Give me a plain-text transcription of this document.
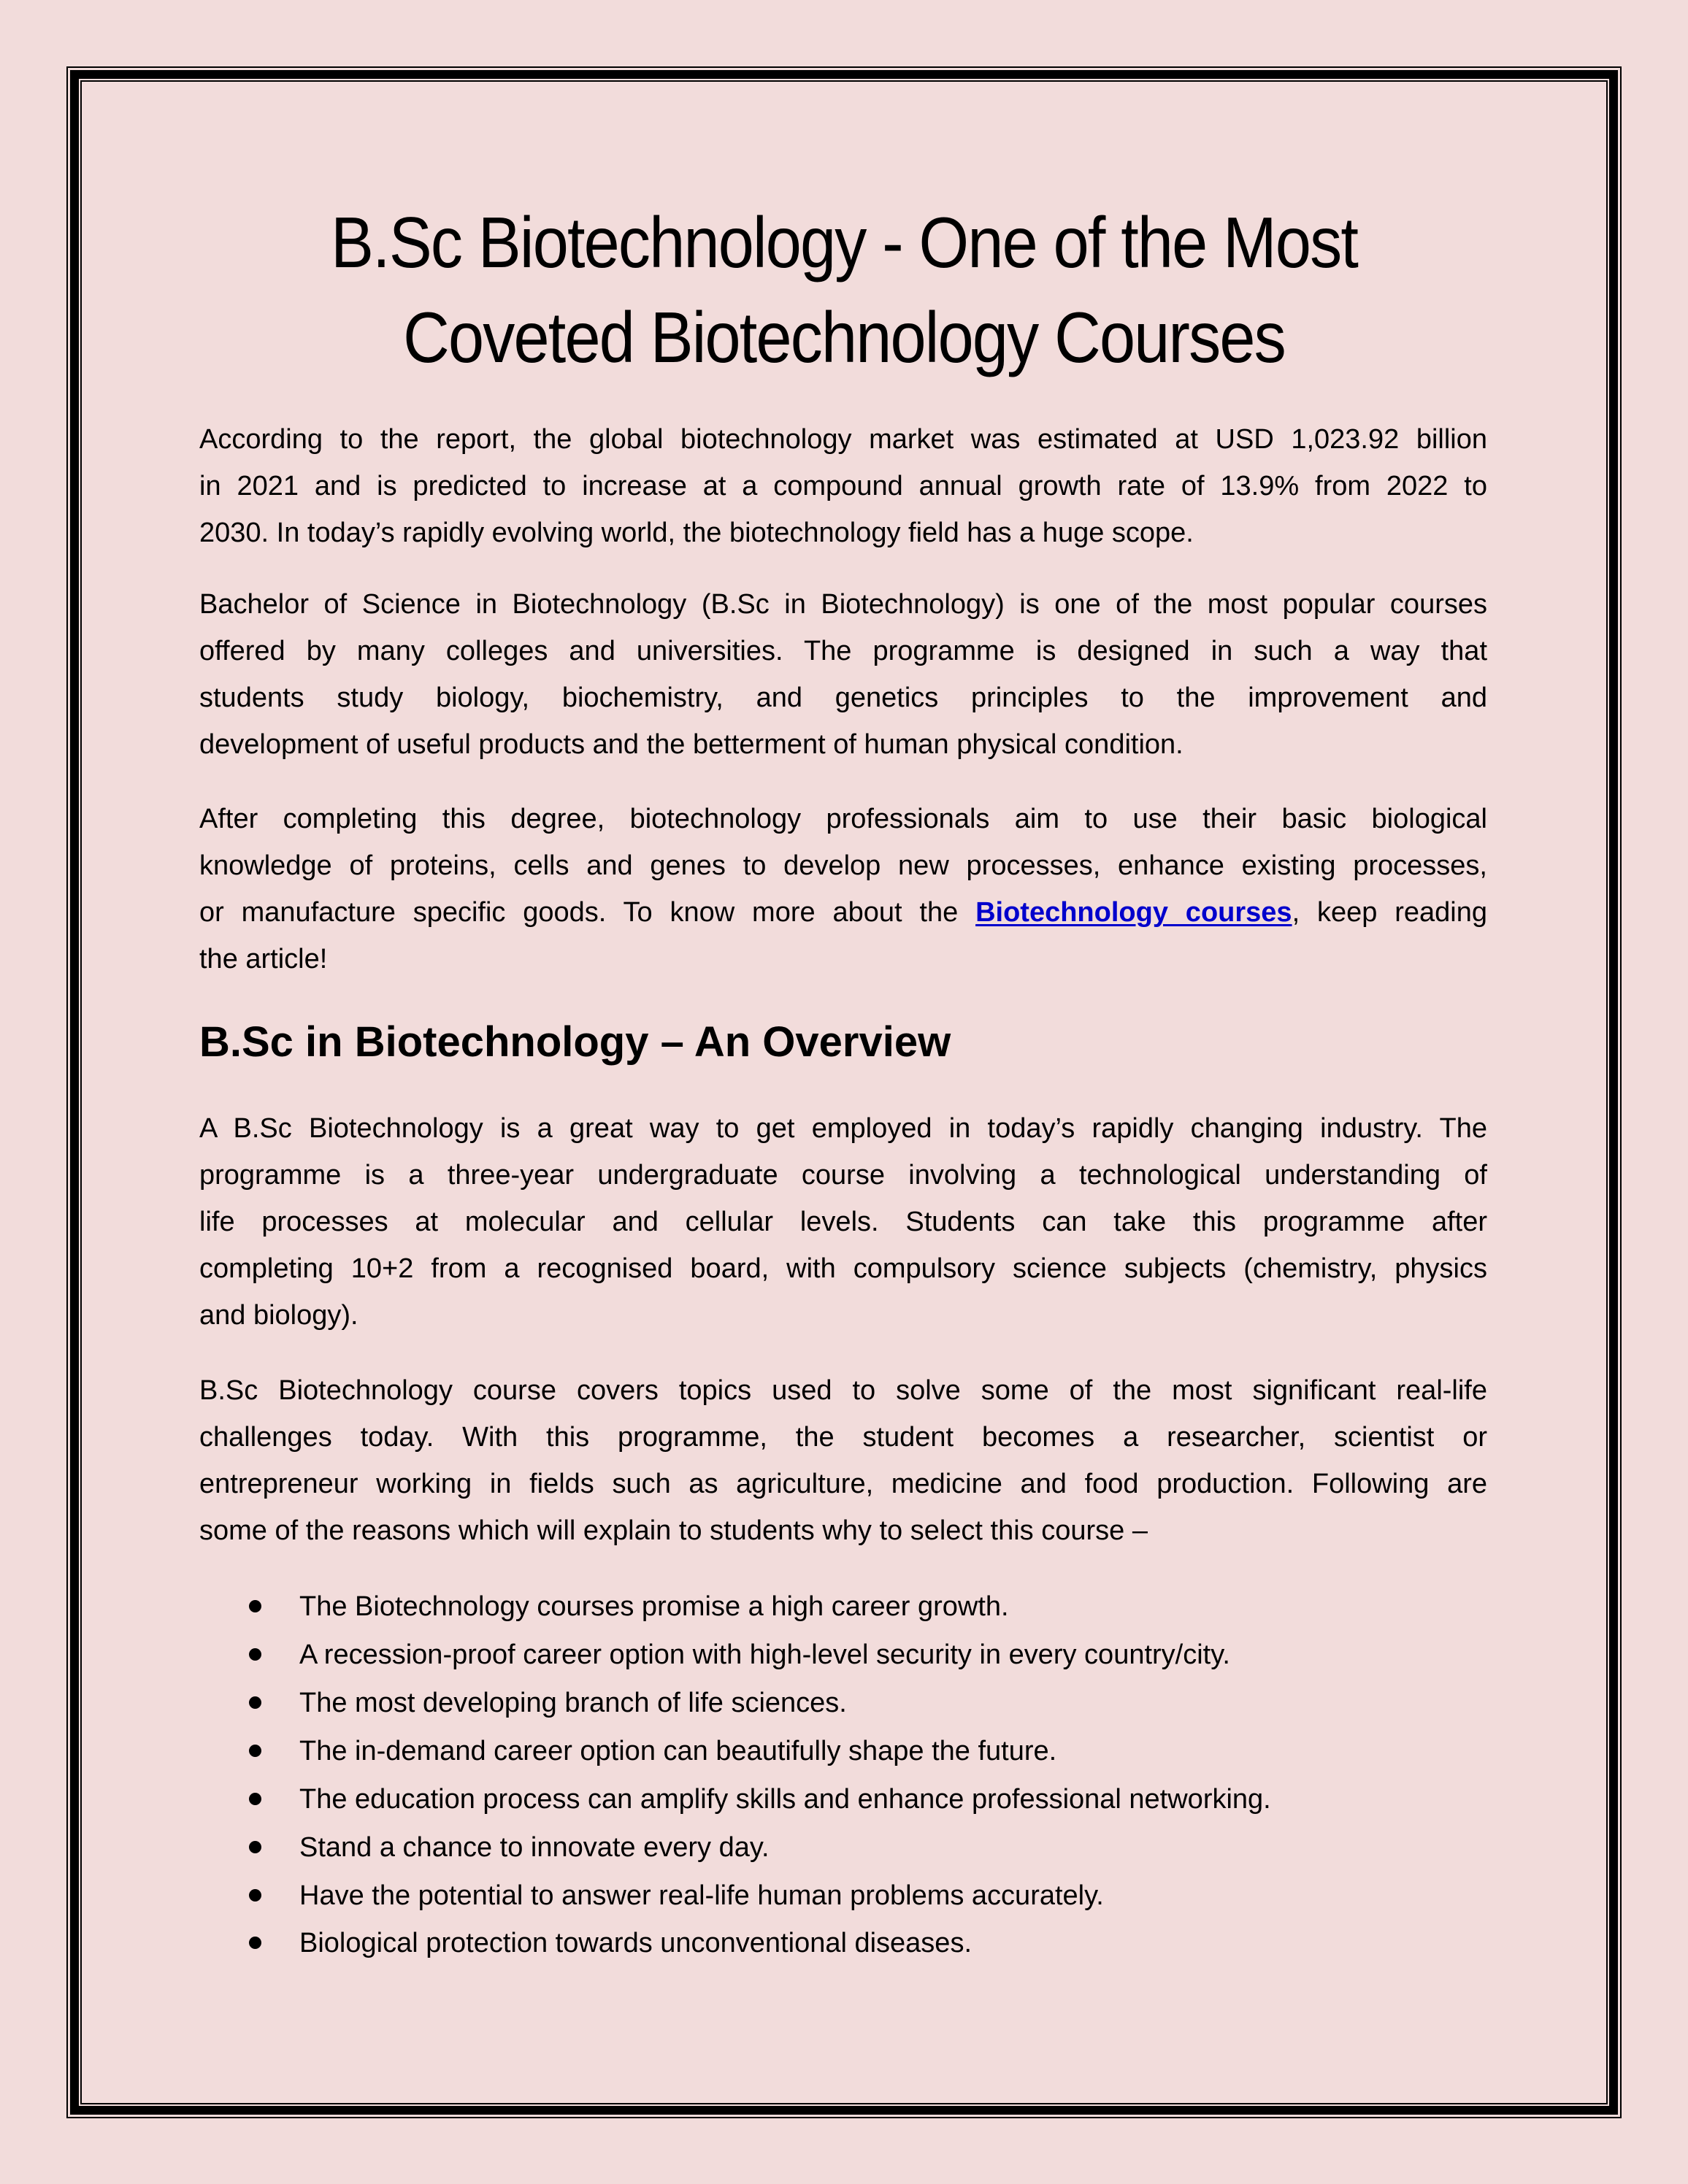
B.Sc Biotechnology - One of the Most
Coveted Biotechnology Courses
According to the report, the global biotechnology market was estimated at USD 1,023.92 billion
in 2021 and is predicted to increase at a compound annual growth rate of 13.9% from 2022 to
2030. In today’s rapidly evolving world, the biotechnology field has a huge scope.
Bachelor of Science in Biotechnology (B.Sc in Biotechnology) is one of the most popular courses
offered by many colleges and universities. The programme is designed in such a way that
students study biology, biochemistry, and genetics principles to the improvement and
development of useful products and the betterment of human physical condition.
After completing this degree, biotechnology professionals aim to use their basic biological
knowledge of proteins, cells and genes to develop new processes, enhance existing processes,
or manufacture specific goods. To know more about the Biotechnology courses, keep reading
the article!
B.Sc in Biotechnology – An Overview
A B.Sc Biotechnology is a great way to get employed in today’s rapidly changing industry. The
programme is a three-year undergraduate course involving a technological understanding of
life processes at molecular and cellular levels. Students can take this programme after
completing 10+2 from a recognised board, with compulsory science subjects (chemistry, physics
and biology).
B.Sc Biotechnology course covers topics used to solve some of the most significant real-life
challenges today. With this programme, the student becomes a researcher, scientist or
entrepreneur working in fields such as agriculture, medicine and food production. Following are
some of the reasons which will explain to students why to select this course –
The Biotechnology courses promise a high career growth.
A recession-proof career option with high-level security in every country/city.
The most developing branch of life sciences.
The in-demand career option can beautifully shape the future.
The education process can amplify skills and enhance professional networking.
Stand a chance to innovate every day.
Have the potential to answer real-life human problems accurately.
Biological protection towards unconventional diseases.
